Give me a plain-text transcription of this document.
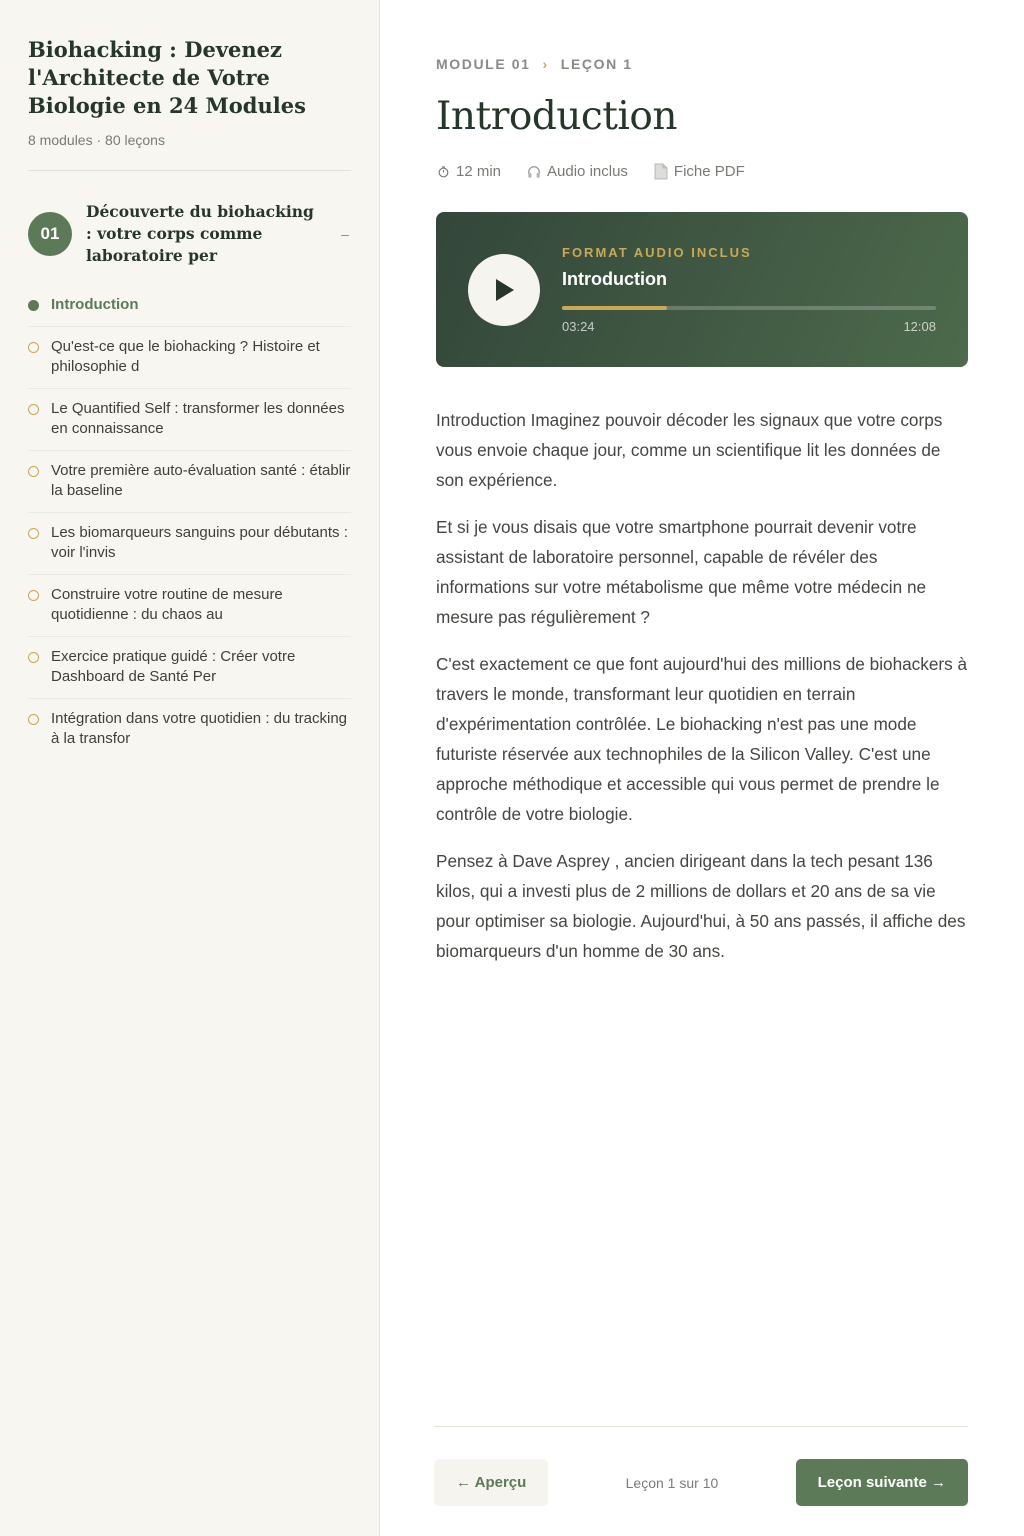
Biohacking : Devenez l'Architecte de Votre Biologie en 24 Modules
8 modules · 80 leçons
01
Découverte du biohacking : votre corps comme laboratoire per
–
Introduction
Qu'est-ce que le biohacking ? Histoire et philosophie d
Le Quantified Self : transformer les données en connaissance
Votre première auto-évaluation santé : établir la baseline
Les biomarqueurs sanguins pour débutants : voir l'invis
Construire votre routine de mesure quotidienne : du chaos au
Exercice pratique guidé : Créer votre Dashboard de Santé Per
Intégration dans votre quotidien : du tracking à la transfor
MODULE 01 › LEÇON 1
Introduction
12 min	Audio inclus	Fiche PDF
FORMAT AUDIO INCLUS
Introduction
03:24	12:08

Introduction Imaginez pouvoir décoder les signaux que votre corps vous envoie chaque jour, comme un scientifique lit les données de son expérience.

Et si je vous disais que votre smartphone pourrait devenir votre assistant de laboratoire personnel, capable de révéler des informations sur votre métabolisme que même votre médecin ne mesure pas régulièrement ?

C'est exactement ce que font aujourd'hui des millions de biohackers à travers le monde, transformant leur quotidien en terrain d'expérimentation contrôlée. Le biohacking n'est pas une mode futuriste réservée aux technophiles de la Silicon Valley. C'est une approche méthodique et accessible qui vous permet de prendre le contrôle de votre biologie.

Pensez à Dave Asprey , ancien dirigeant dans la tech pesant 136 kilos, qui a investi plus de 2 millions de dollars et 20 ans de sa vie pour optimiser sa biologie. Aujourd'hui, à 50 ans passés, il affiche des biomarqueurs d'un homme de 30 ans.

← Aperçu	Leçon 1 sur 10	Leçon suivante →
